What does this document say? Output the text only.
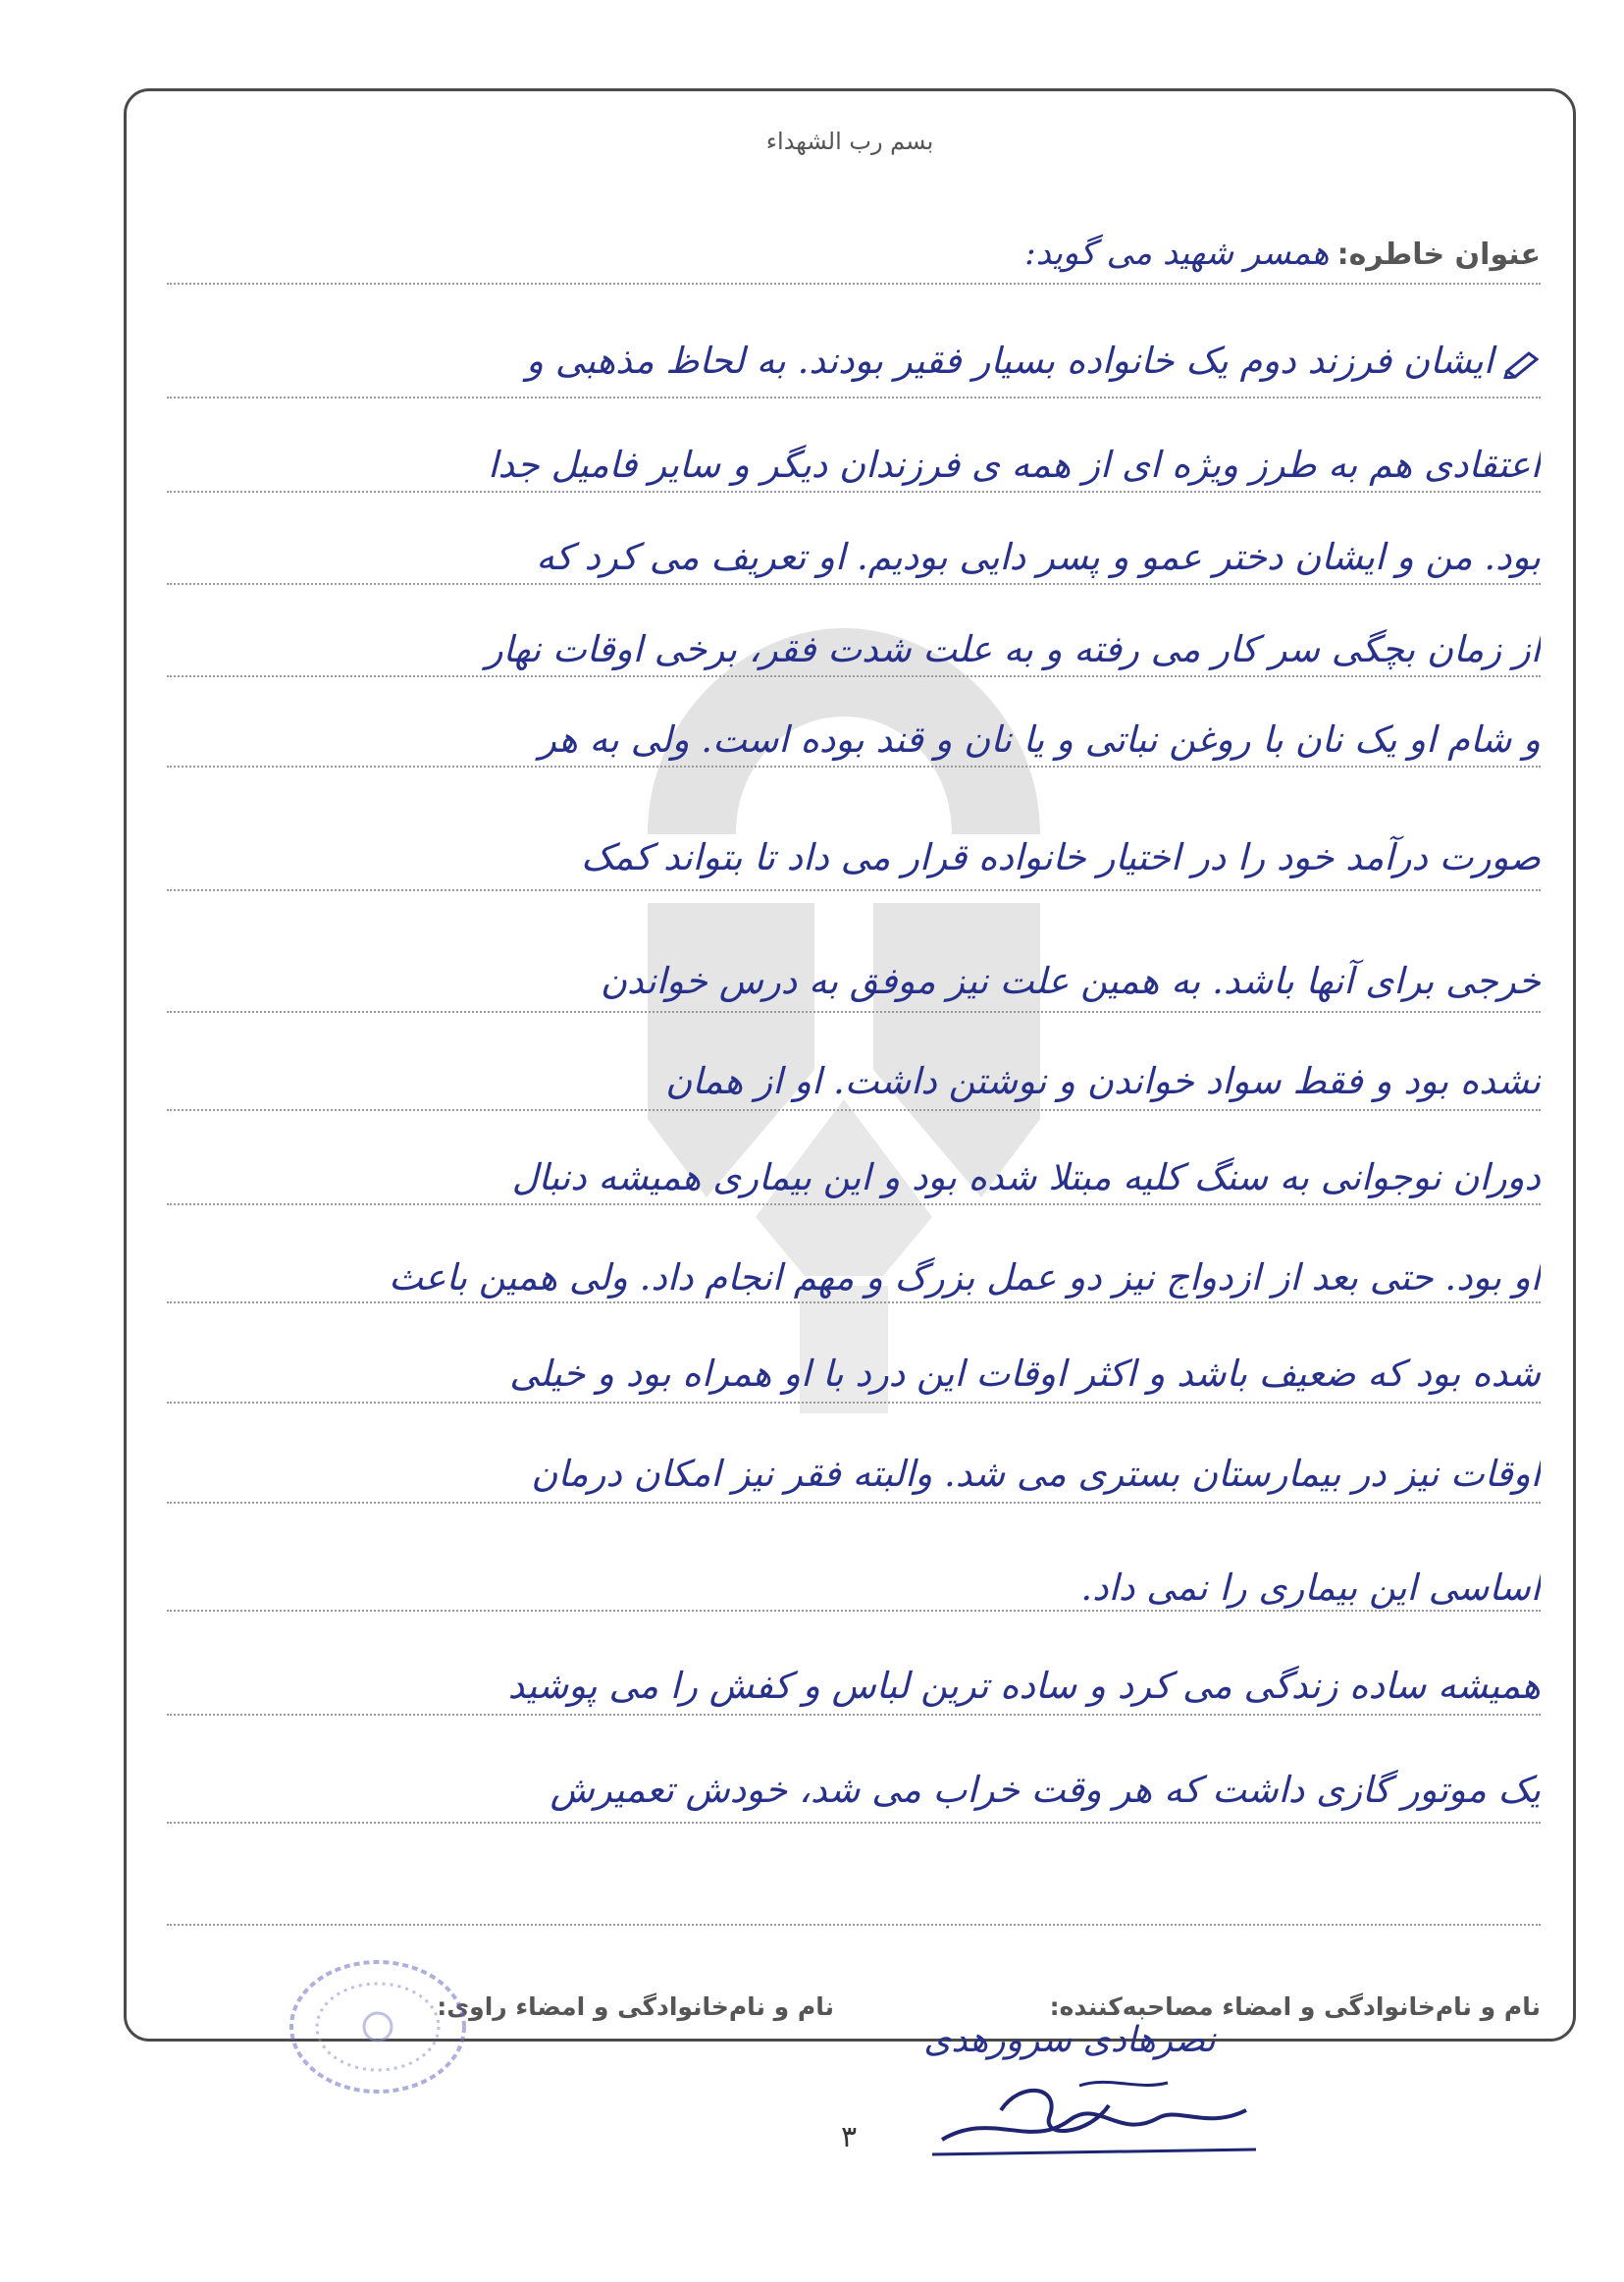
بسم رب الشهداء
عنوان خاطره:همسر شهید می گوید:
ایشان فرزند دوم یک خانواده بسیار فقیر بودند. به لحاظ مذهبی و
اعتقادی هم به طرز ویژه ای از همه ی فرزندان دیگر و سایر فامیل جدا
بود. من و ایشان دختر عمو و پسر دایی بودیم. او تعریف می کرد که
از زمان بچگی سر کار می رفته و به علت شدت فقر، برخی اوقات نهار
و شام او یک نان با روغن نباتی و یا نان و قند بوده است. ولی به هر
صورت درآمد خود را در اختیار خانواده قرار می داد تا بتواند کمک
خرجی برای آنها باشد. به همین علت نیز موفق به درس خواندن
نشده بود و فقط سواد خواندن و نوشتن داشت. او از همان
دوران نوجوانی به سنگ کلیه مبتلا شده بود و این بیماری همیشه دنبال
او بود. حتی بعد از ازدواج نیز دو عمل بزرگ و مهم انجام داد. ولی همین باعث
شده بود که ضعیف باشد و اکثر اوقات این درد با او همراه بود و خیلی
اوقات نیز در بیمارستان بستری می شد. والبته فقر نیز امکان درمان
اساسی این بیماری را نمی داد.
همیشه ساده زندگی می کرد و ساده ترین لباس و کفش را می پوشید
یک موتور گازی داشت که هر وقت خراب می شد، خودش تعمیرش
نام و نام‌خانوادگی و امضاء مصاحبه‌کننده:
نام و نام‌خانوادگی و امضاء راوی:
نصرهادی سرورهدی
۳
